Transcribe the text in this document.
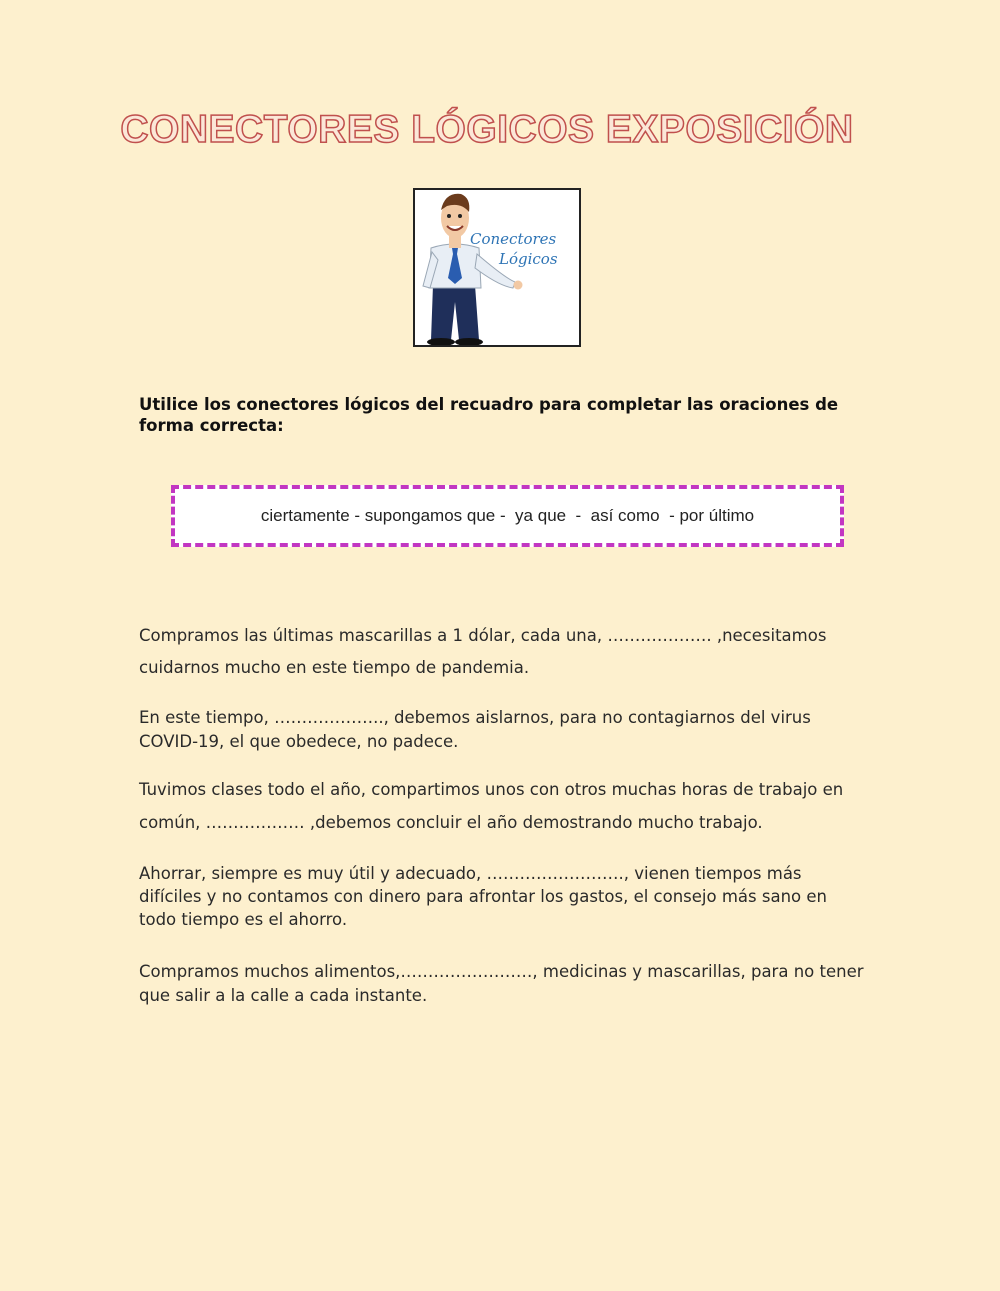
CONECTORES LÓGICOS EXPOSICIÓN
Conectores
Lógicos

Utilice los conectores lógicos del recuadro para completar las oraciones de forma correcta:

ciertamente - supongamos que -  ya que  -  así como  - por último

Compramos las últimas mascarillas a 1 dólar, cada una, ………………. ,necesitamos cuidarnos mucho en este tiempo de pandemia.

En este tiempo, ……………….., debemos aislarnos, para no contagiarnos del virus COVID-19, el que obedece, no padece.

Tuvimos clases todo el año, compartimos unos con otros muchas horas de trabajo en común, ……………… ,debemos concluir el año demostrando mucho trabajo.

Ahorrar, siempre es muy útil y adecuado, ……………………., vienen tiempos más difíciles y no contamos con dinero para afrontar los gastos, el consejo más sano en todo tiempo es el ahorro.

Compramos muchos alimentos,……………………, medicinas y mascarillas, para no tener que salir a la calle a cada instante.
